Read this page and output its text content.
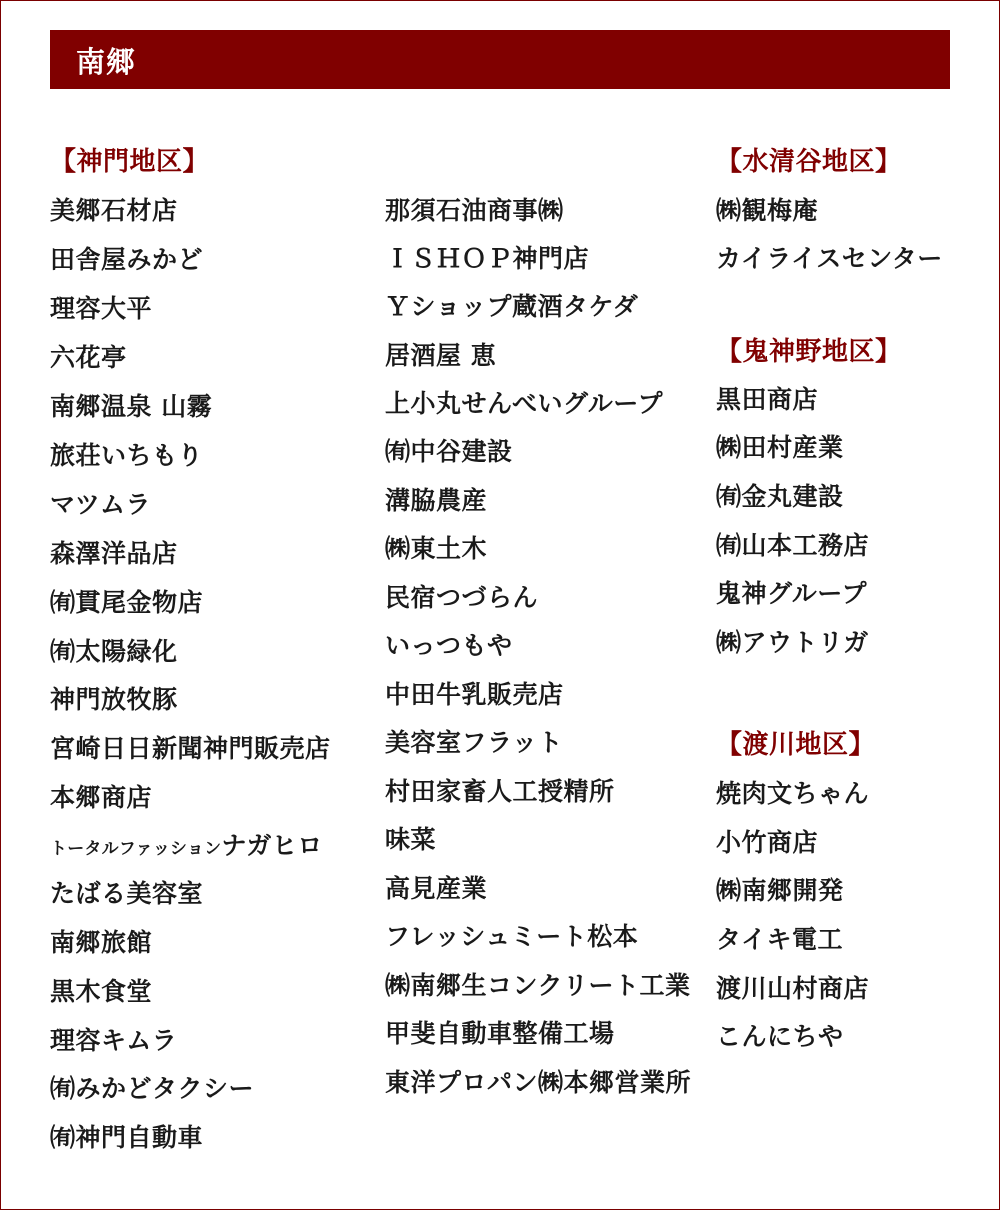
南郷
【神門地区】
美郷石材店
田舎屋みかど
理容大平
六花亭
南郷温泉 山霧
旅荘いちもり
マツムラ
森澤洋品店
㈲貫尾金物店
㈲太陽緑化
神門放牧豚
宮崎日日新聞神門販売店
本郷商店
トータルファッションナガヒロ
たばる美容室
南郷旅館
黒木食堂
理容キムラ
㈲みかどタクシー
㈲神門自動車
那須石油商事㈱
ＩＳＨＯＰ神門店
Ｙショップ蔵酒タケダ
居酒屋 恵
上小丸せんべいグループ
㈲中谷建設
溝脇農産
㈱東土木
民宿つづらん
いっつもや
中田牛乳販売店
美容室フラット
村田家畜人工授精所
味菜
高見産業
フレッシュミート松本
㈱南郷生コンクリート工業
甲斐自動車整備工場
東洋プロパン㈱本郷営業所
【水清谷地区】
㈱観梅庵
カイライスセンター
【鬼神野地区】
黒田商店
㈱田村産業
㈲金丸建設
㈲山本工務店
鬼神グループ
㈱アウトリガ
【渡川地区】
焼肉文ちゃん
小竹商店
㈱南郷開発
タイキ電工
渡川山村商店
こんにちや
